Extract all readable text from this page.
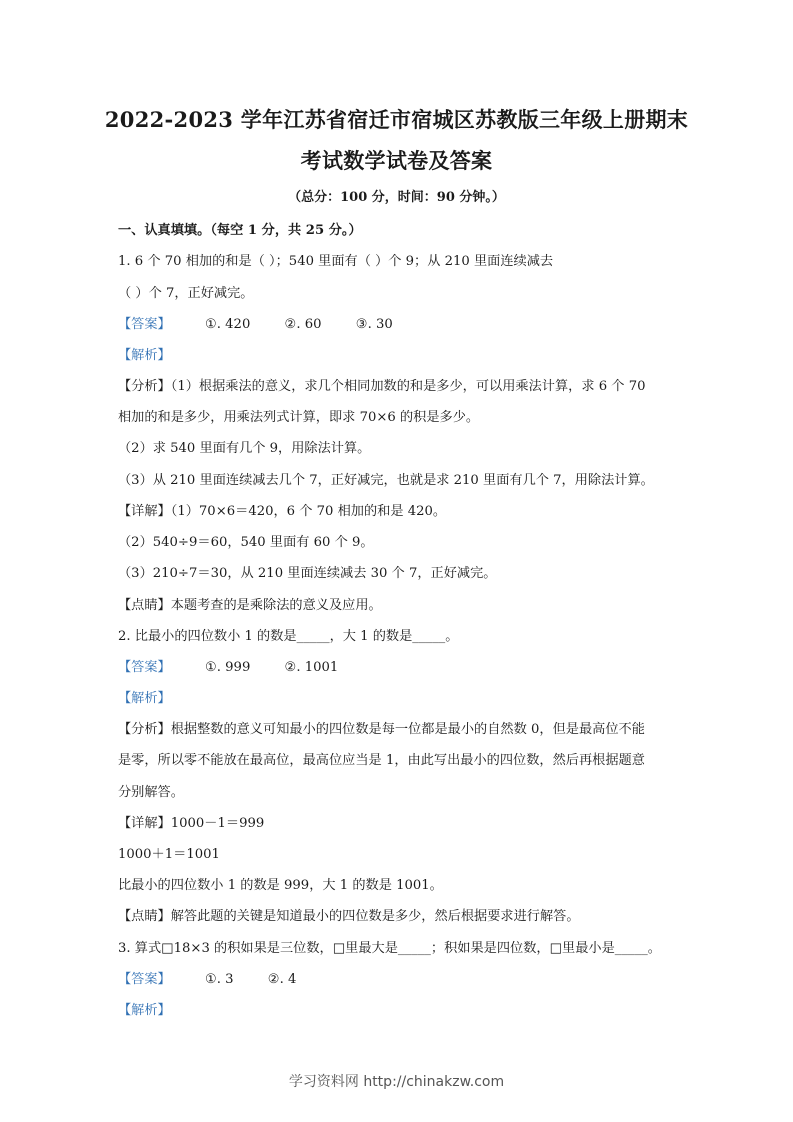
2022-2023 学年江苏省宿迁市宿城区苏教版三年级上册期末
考试数学试卷及答案
（总分：100 分，时间：90 分钟。）
一、认真填填。（每空 1 分，共 25 分。）
1. 6 个 70 相加的和是（ ）；540 里面有（ ）个 9；从 210 里面连续减去
（ ）个 7，正好减完。
【答案】	①. 420	②. 60	③. 30
【解析】
【分析】（1）根据乘法的意义，求几个相同加数的和是多少，可以用乘法计算，求 6 个 70
相加的和是多少，用乘法列式计算，即求 70×6 的积是多少。
（2）求 540 里面有几个 9，用除法计算。
（3）从 210 里面连续减去几个 7，正好减完，也就是求 210 里面有几个 7，用除法计算。
【详解】（1）70×6＝420，6 个 70 相加的和是 420。
（2）540÷9＝60，540 里面有 60 个 9。
（3）210÷7＝30，从 210 里面连续减去 30 个 7，正好减完。
【点睛】本题考查的是乘除法的意义及应用。
2. 比最小的四位数小 1 的数是_____，大 1 的数是_____。
【答案】	①. 999	②. 1001
【解析】
【分析】根据整数的意义可知最小的四位数是每一位都是最小的自然数 0，但是最高位不能
是零，所以零不能放在最高位，最高位应当是 1，由此写出最小的四位数，然后再根据题意
分别解答。
【详解】1000－1＝999
1000＋1＝1001
比最小的四位数小 1 的数是 999，大 1 的数是 1001。
【点睛】解答此题的关键是知道最小的四位数是多少，然后根据要求进行解答。
3. 算式□18×3 的积如果是三位数，□里最大是_____；积如果是四位数，□里最小是_____。
【答案】	①. 3	②. 4
【解析】
学习资料网 http://chinakzw.com
